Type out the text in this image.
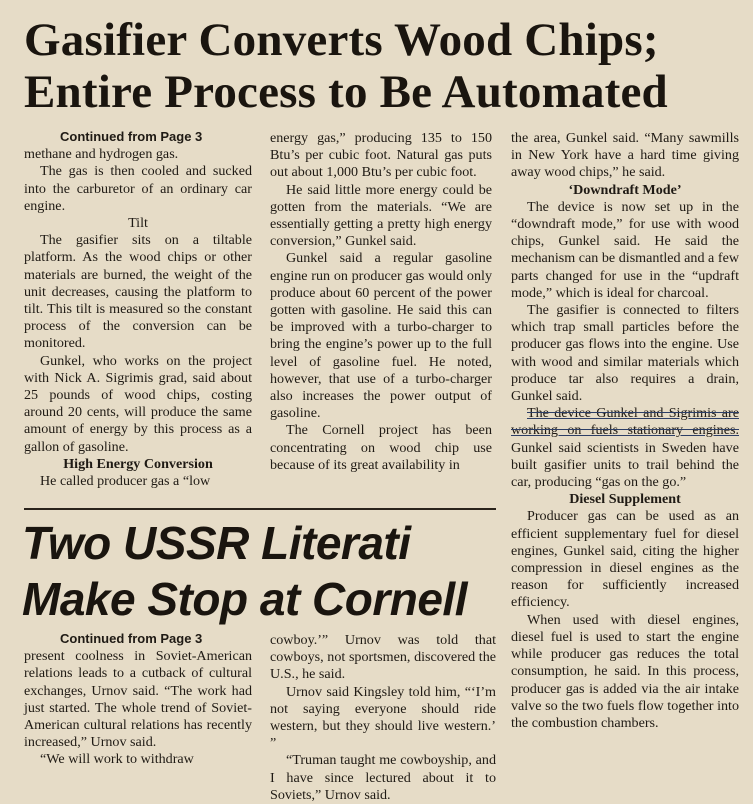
Gasifier Converts Wood Chips;
Entire Process to Be Automated

Continued from Page 3

methane and hydrogen gas.

The gas is then cooled and sucked into the carburetor of an ordinary car engine.

Tilt

The gasifier sits on a tiltable platform. As the wood chips or other materials are burned, the weight of the unit decreases, causing the platform to tilt. This tilt is measured so the constant process of the conversion can be monitored.

Gunkel, who works on the project with Nick A. Sigrimis grad, said about 25 pounds of wood chips, costing around 20 cents, will produce the same amount of energy by this process as a gallon of gasoline.

High Energy Conversion

He called producer gas a “low

energy gas,” producing 135 to 150 Btu’s per cubic foot. Natural gas puts out about 1,000 Btu’s per cubic foot.

He said little more energy could be gotten from the materials. “We are essentially getting a pretty high energy conversion,” Gunkel said.

Gunkel said a regular gasoline engine run on producer gas would only produce about 60 percent of the power gotten with gasoline. He said this can be improved with a turbo-charger to bring the engine’s power up to the full level of gasoline fuel. He noted, however, that use of a turbo-charger also increases the power output of gasoline.

The Cornell project has been concentrating on wood chip use because of its great availability in

the area, Gunkel said. “Many sawmills in New York have a hard time giving away wood chips,” he said.

‘Downdraft Mode’

The device is now set up in the “downdraft mode,” for use with wood chips, Gunkel said. He said the mechanism can be dismantled and a few parts changed for use in the “updraft mode,” which is ideal for charcoal.

The gasifier is connected to filters which trap small particles before the producer gas flows into the engine. Use with wood and similar materials which produce tar also requires a drain, Gunkel said.

The device Gunkel and Sigrimis are working on fuels stationary engines. Gunkel said scientists in Sweden have built gasifier units to trail behind the car, producing “gas on the go.”

Diesel Supplement

Producer gas can be used as an efficient supplementary fuel for diesel engines, Gunkel said, citing the higher compression in diesel engines as the reason for sufficiently increased efficiency.

When used with diesel engines, diesel fuel is used to start the engine while producer gas reduces the total consumption, he said. In this process, producer gas is added via the air intake valve so the two fuels flow together into the combustion chambers.

Two USSR Literati
Make Stop at Cornell

Continued from Page 3

present coolness in Soviet-American relations leads to a cutback of cultural exchanges, Urnov said. “The work had just started. The whole trend of Soviet-American cultural relations has recently increased,” Urnov said.

“We will work to withdraw

cowboy.’” Urnov was told that cowboys, not sportsmen, discovered the U.S., he said.

Urnov said Kingsley told him, “‘I’m not saying everyone should ride western, but they should live western.’ ”

“Truman taught me cowboyship, and I have since lectured about it to Soviets,” Urnov said.
